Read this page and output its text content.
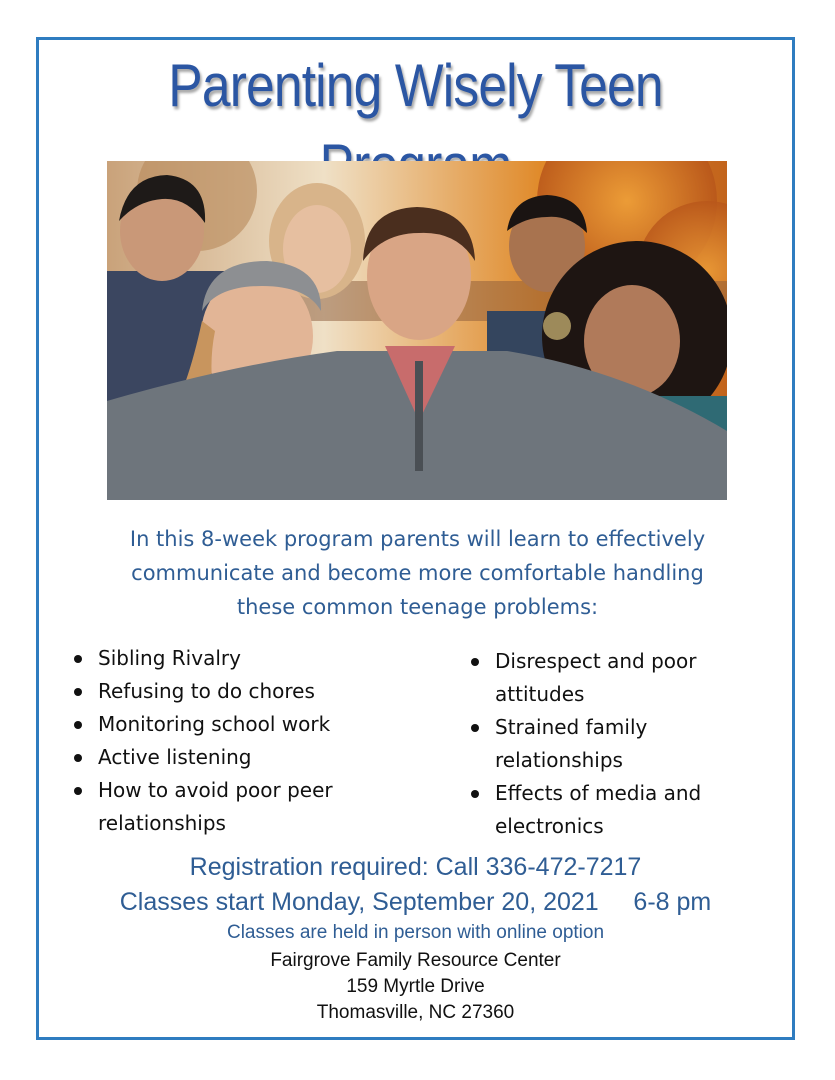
Parenting Wisely Teen
In this 8-week program parents will learn to effectively
communicate and become more comfortable handling
these common teenage problems:
Sibling Rivalry
Refusing to do chores
Monitoring school work
Active listening
How to avoid poor peer relationships
Disrespect and poor attitudes
Strained family relationships
Effects of media and electronics
Registration required: Call 336-472-7217
Classes start Monday, September 20, 2021     6-8 pm
Classes are held in person with online option
Fairgrove Family Resource Center
159 Myrtle Drive
Thomasville, NC 27360
